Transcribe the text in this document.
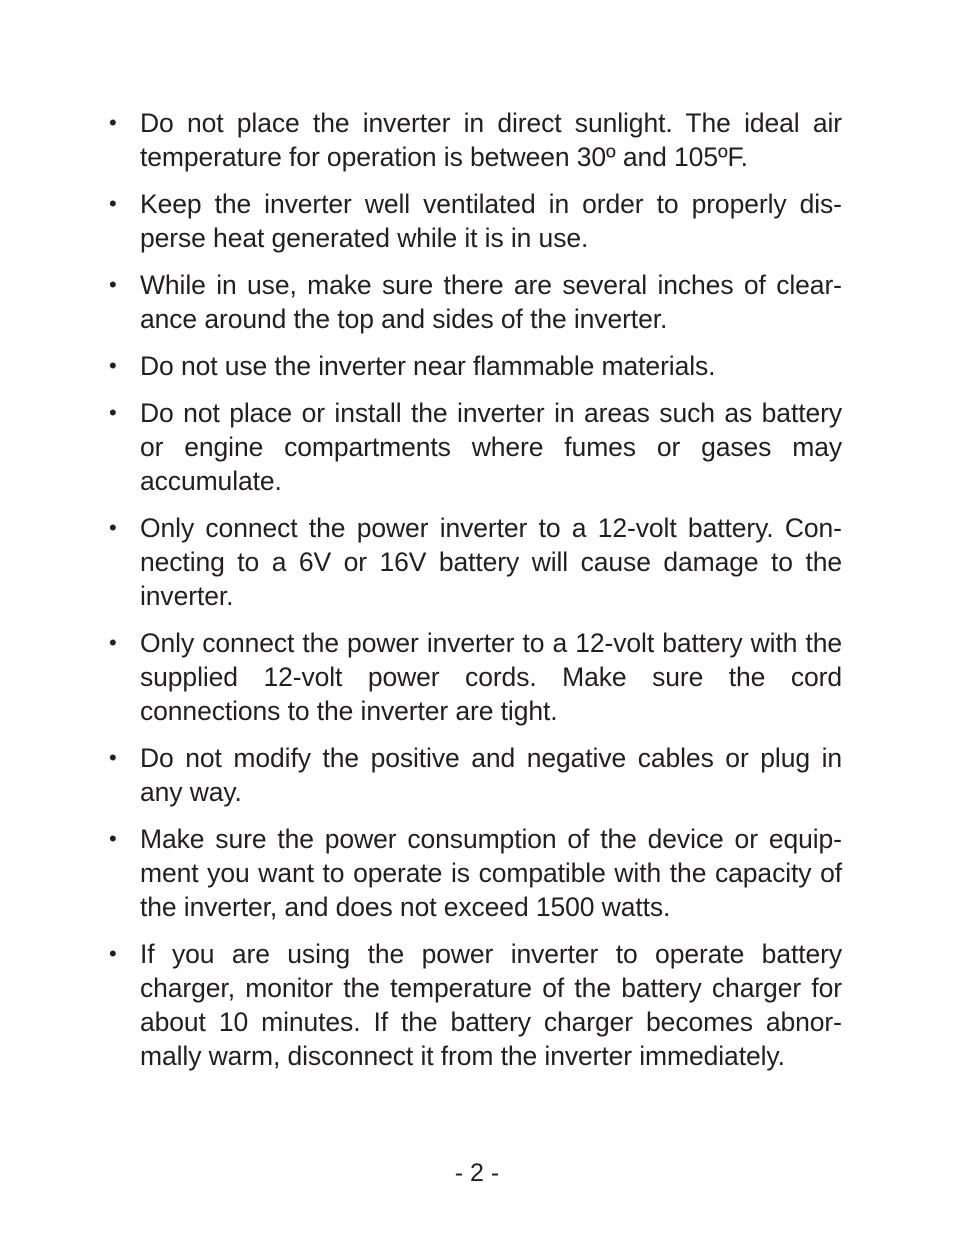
• Do not place the inverter in direct sunlight. The ideal air temperature for operation is between 30º and 105ºF.
• Keep the inverter well ventilated in order to properly disperse heat generated while it is in use.
• While in use, make sure there are several inches of clearance around the top and sides of the inverter.
• Do not use the inverter near flammable materials.
• Do not place or install the inverter in areas such as battery or engine compartments where fumes or gases may accumulate.
• Only connect the power inverter to a 12-volt battery. Connecting to a 6V or 16V battery will cause damage to the inverter.
• Only connect the power inverter to a 12-volt battery with the supplied 12-volt power cords. Make sure the cord connections to the inverter are tight.
• Do not modify the positive and negative cables or plug in any way.
• Make sure the power consumption of the device or equipment you want to operate is compatible with the capacity of the inverter, and does not exceed 1500 watts.
• If you are using the power inverter to operate battery charger, monitor the temperature of the battery charger for about 10 minutes. If the battery charger becomes abnormally warm, disconnect it from the inverter immediately.
- 2 -
